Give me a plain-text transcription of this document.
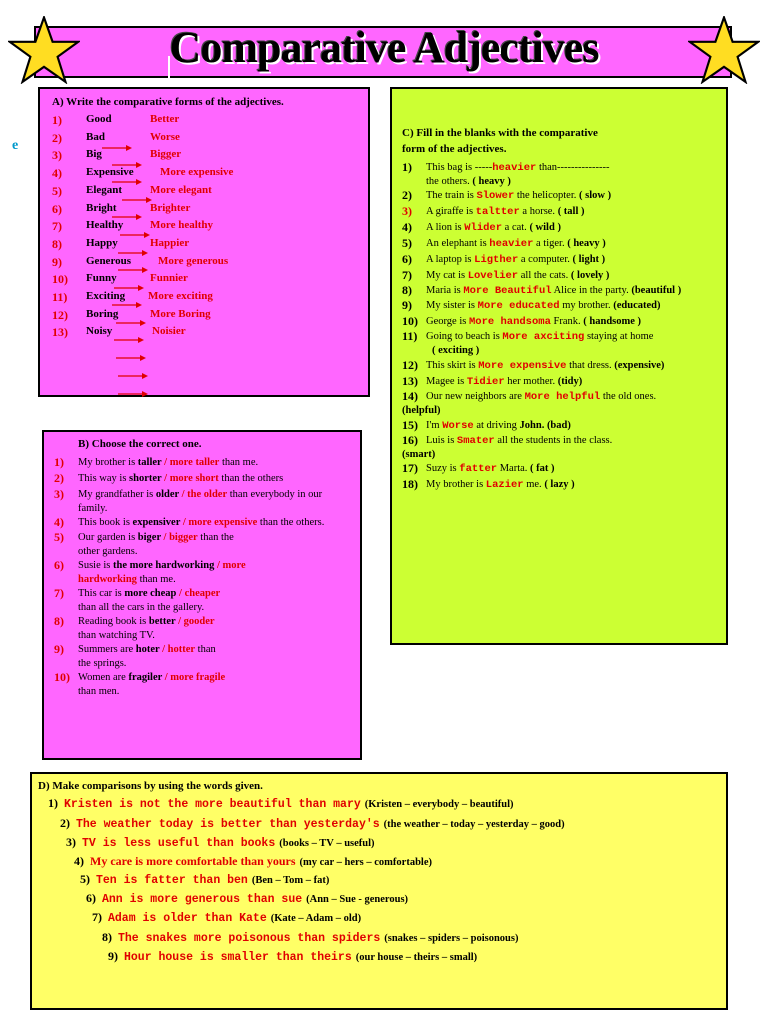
Comparative Adjectives
e
A) Write the comparative forms of the adjectives.
1) Good	Better
2) Bad	Worse
3) Big	Bigger
4) Expensive More expensive
5) Elegant	More elegant
6) Bright	Brighter
7) Healthy More healthy
8) Happy	Happier
9) Generous More generous
10) Funny	Funnier
11) Exciting More exciting
12) Boring	More Boring
13) Noisy	Noisier
B) Choose the correct one.
1) My brother is taller / more taller than me.
2) This way is shorter / more short than the others
3) My grandfather is older / the older than everybody in our
family.
4) This book is expensiver / more expensive than the others.
5) Our garden is biger / bigger than the
other gardens.
6) Susie is the more hardworking / more
hardworking than me.
7) This car is more cheap / cheaper
than all the cars in the gallery.
8) Reading book is better / gooder
than watching TV.
9) Summers are hoter / hotter than
the springs.
10) Women are fragiler / more fragile
than men.
C) Fill in the blanks with the comparative
form of the adjectives.
1) This bag is -----heavier than---------------
the others. ( heavy )
2) The train is Slower the helicopter. ( slow )
3) A giraffe is taltter a horse. ( tall )
4) A lion is Wlider a cat. ( wild )
5) An elephant is heavier a tiger. ( heavy )
6) A laptop is Ligther a computer. ( light )
7) My cat is Lovelier all the cats. ( lovely )
8) Maria is More Beautiful Alice in the party. (beautiful )
9) My sister is More educated my brother. (educated)
10) George is More handsoma Frank. ( handsome )
11) Going to beach is More axciting staying at home
( exciting )
12) This skirt is More expensive that dress. (expensive)
13) Magee is Tidier her mother. (tidy)
14) Our new neighbors are More helpful the old ones.
(helpful)
15) I'm Worse at driving John. (bad)
16) Luis is Smater all the students in the class.
(smart)
17) Suzy is fatter Marta. ( fat )
18) My brother is Lazier me. ( lazy )
D) Make comparisons by using the words given.
1) Kristen is not the more beautiful than mary (Kristen – everybody – beautiful)
2) The weather today is better than yesterday's (the weather – today – yesterday – good)
3) TV is less useful than books (books – TV – useful)
4) My care is more comfortable than yours (my car – hers – comfortable)
5) Ten is fatter than ben (Ben – Tom – fat)
6) Ann is more generous than sue (Ann – Sue - generous)
7) Adam is older than Kate (Kate – Adam – old)
8) The snakes more poisonous than spiders (snakes – spiders – poisonous)
9) Hour house is smaller than theirs (our house – theirs – small)
